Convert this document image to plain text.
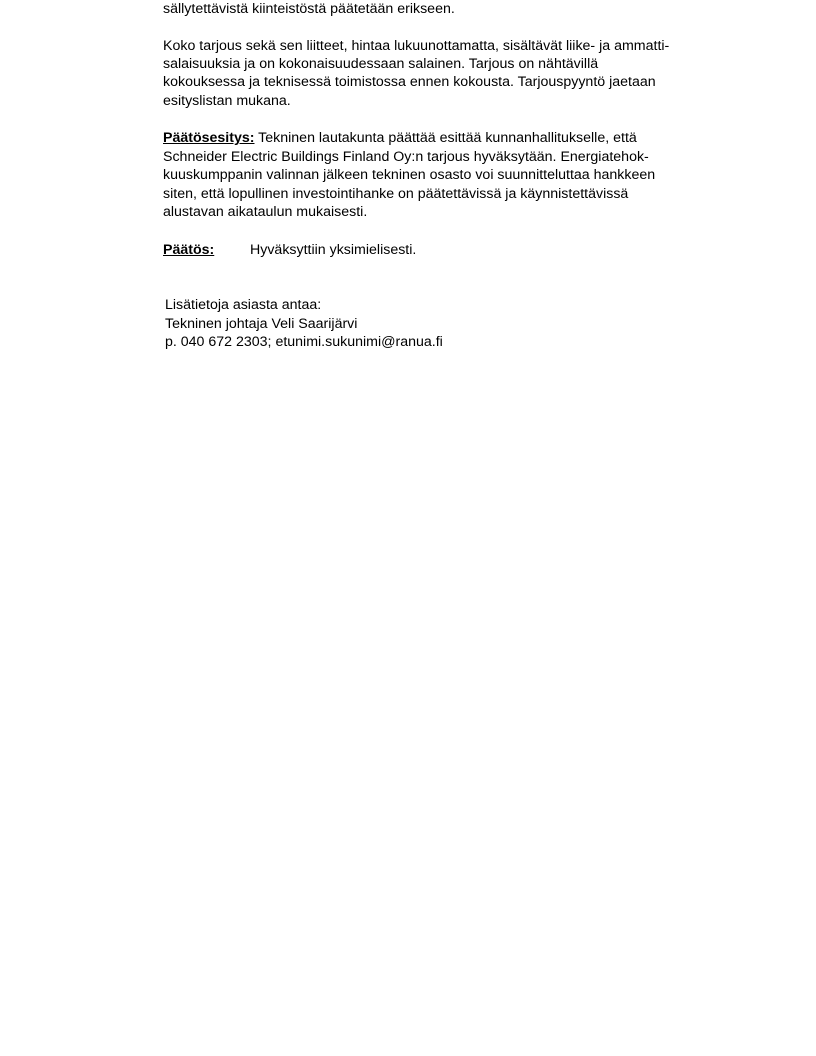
sällytettävistä kiinteistöstä päätetään erikseen.
Koko tarjous sekä sen liitteet, hintaa lukuunottamatta, sisältävät liike- ja ammatti-
salaisuuksia ja on kokonaisuudessaan salainen. Tarjous on nähtävillä
kokouksessa ja teknisessä toimistossa ennen kokousta. Tarjouspyyntö jaetaan
esityslistan mukana.
Päätösesitys: Tekninen lautakunta päättää esittää kunnanhallitukselle, että
Schneider Electric Buildings Finland Oy:n tarjous hyväksytään. Energiatehok-
kuuskumppanin valinnan jälkeen tekninen osasto voi suunnitteluttaa hankkeen
siten, että lopullinen investointihanke on päätettävissä ja käynnistettävissä
alustavan aikataulun mukaisesti.
Päätös:	Hyväksyttiin yksimielisesti.
Lisätietoja asiasta antaa:
Tekninen johtaja Veli Saarijärvi
p. 040 672 2303; etunimi.sukunimi@ranua.fi
